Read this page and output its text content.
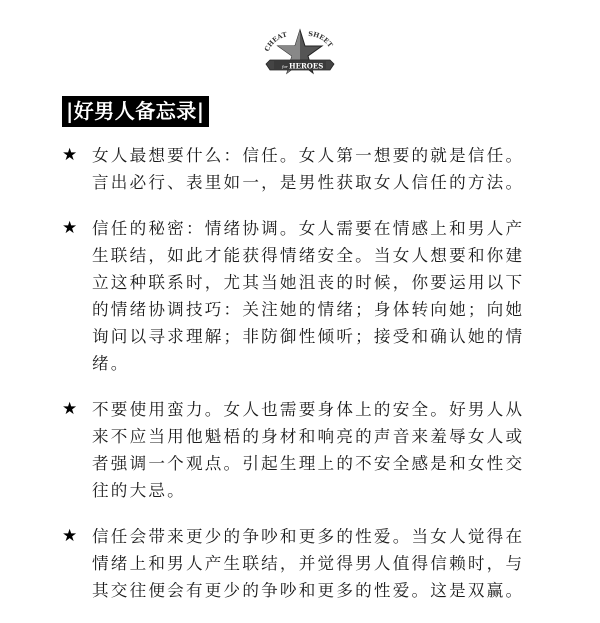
CHEAT	SHEET
for HEROES
|好男人备忘录|
★ 女人最想要什么：信任。女人第一想要的就是信任。言出必行、表里如一，是男性获取女人信任的方法。
★ 信任的秘密：情绪协调。女人需要在情感上和男人产生联结，如此才能获得情绪安全。当女人想要和你建立这种联系时，尤其当她沮丧的时候，你要运用以下的情绪协调技巧：关注她的情绪；身体转向她；向她询问以寻求理解；非防御性倾听；接受和确认她的情绪。
★ 不要使用蛮力。女人也需要身体上的安全。好男人从来不应当用他魁梧的身材和响亮的声音来羞辱女人或者强调一个观点。引起生理上的不安全感是和女性交往的大忌。
★ 信任会带来更少的争吵和更多的性爱。当女人觉得在情绪上和男人产生联结，并觉得男人值得信赖时，与其交往便会有更少的争吵和更多的性爱。这是双赢。
